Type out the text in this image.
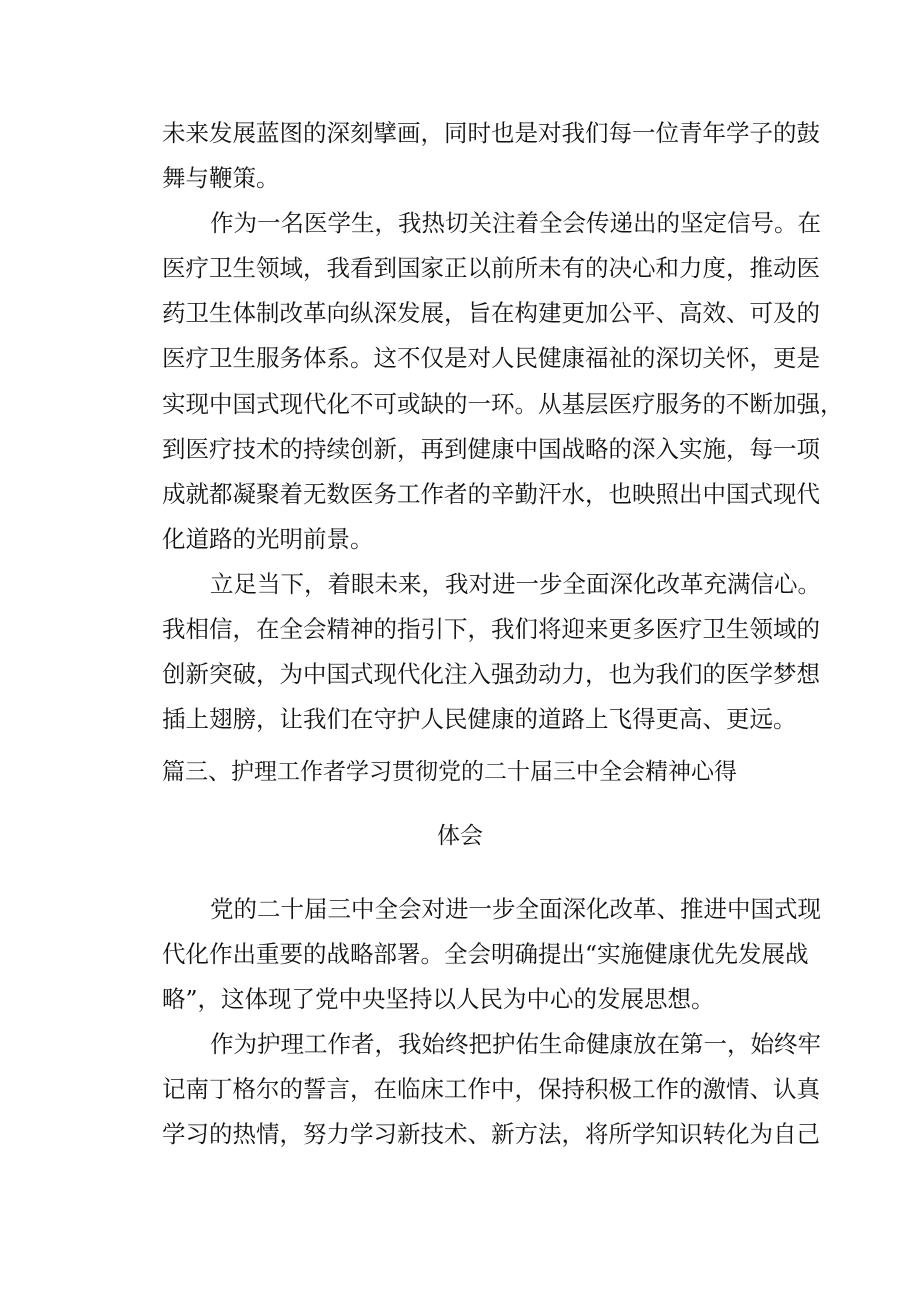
未来发展蓝图的深刻擘画，同时也是对我们每一位青年学子的鼓
舞与鞭策。
作为一名医学生，我热切关注着全会传递出的坚定信号。在
医疗卫生领域，我看到国家正以前所未有的决心和力度，推动医
药卫生体制改革向纵深发展，旨在构建更加公平、高效、可及的
医疗卫生服务体系。这不仅是对人民健康福祉的深切关怀，更是
实现中国式现代化不可或缺的一环。从基层医疗服务的不断加强，
到医疗技术的持续创新，再到健康中国战略的深入实施，每一项
成就都凝聚着无数医务工作者的辛勤汗水，也映照出中国式现代
化道路的光明前景。
立足当下，着眼未来，我对进一步全面深化改革充满信心。
我相信，在全会精神的指引下，我们将迎来更多医疗卫生领域的
创新突破，为中国式现代化注入强劲动力，也为我们的医学梦想
插上翅膀，让我们在守护人民健康的道路上飞得更高、更远。
篇三、护理工作者学习贯彻党的二十届三中全会精神心得
体会
党的二十届三中全会对进一步全面深化改革、推进中国式现
代化作出重要的战略部署。全会明确提出“实施健康优先发展战
略”，这体现了党中央坚持以人民为中心的发展思想。
作为护理工作者，我始终把护佑生命健康放在第一，始终牢
记南丁格尔的誓言，在临床工作中，保持积极工作的激情、认真
学习的热情，努力学习新技术、新方法，将所学知识转化为自己
